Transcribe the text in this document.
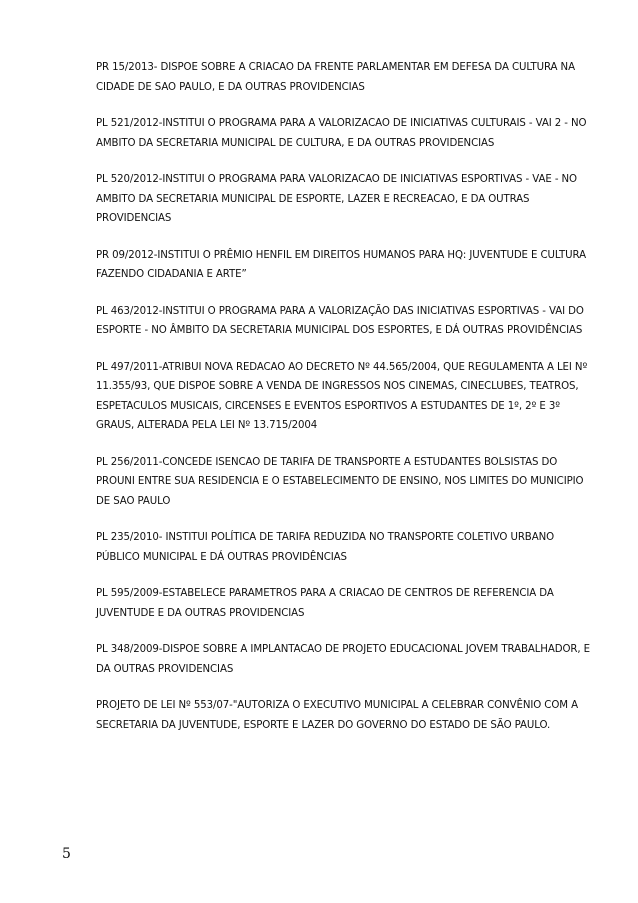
PR 15/2013- DISPOE SOBRE A CRIACAO DA FRENTE PARLAMENTAR EM DEFESA DA CULTURA NA CIDADE DE SAO PAULO, E DA OUTRAS PROVIDENCIAS

PL 521/2012-INSTITUI O PROGRAMA PARA A VALORIZACAO DE INICIATIVAS CULTURAIS - VAI 2 - NO AMBITO DA SECRETARIA MUNICIPAL DE CULTURA, E DA OUTRAS PROVIDENCIAS

PL 520/2012-INSTITUI O PROGRAMA PARA VALORIZACAO DE INICIATIVAS ESPORTIVAS - VAE - NO AMBITO DA SECRETARIA MUNICIPAL DE ESPORTE, LAZER E RECREACAO, E DA OUTRAS PROVIDENCIAS

PR 09/2012-INSTITUI O PRÊMIO HENFIL EM DIREITOS HUMANOS PARA HQ: JUVENTUDE E CULTURA FAZENDO CIDADANIA E ARTE”

PL 463/2012-INSTITUI O PROGRAMA PARA A VALORIZAÇÃO DAS INICIATIVAS ESPORTIVAS - VAI DO ESPORTE - NO ÂMBITO DA SECRETARIA MUNICIPAL DOS ESPORTES, E DÁ OUTRAS PROVIDÊNCIAS

PL 497/2011-ATRIBUI NOVA REDACAO AO DECRETO Nº 44.565/2004, QUE REGULAMENTA A LEI Nº 11.355/93, QUE DISPOE SOBRE A VENDA DE INGRESSOS NOS CINEMAS, CINECLUBES, TEATROS, ESPETACULOS MUSICAIS, CIRCENSES E EVENTOS ESPORTIVOS A ESTUDANTES DE 1º, 2º E 3º GRAUS, ALTERADA PELA LEI Nº 13.715/2004

PL 256/2011-CONCEDE ISENCAO DE TARIFA DE TRANSPORTE A ESTUDANTES BOLSISTAS DO PROUNI ENTRE SUA RESIDENCIA E O ESTABELECIMENTO DE ENSINO, NOS LIMITES DO MUNICIPIO DE SAO PAULO

PL 235/2010- INSTITUI POLÍTICA DE TARIFA REDUZIDA NO TRANSPORTE COLETIVO URBANO PÚBLICO MUNICIPAL E DÁ OUTRAS PROVIDÊNCIAS

PL 595/2009-ESTABELECE PARAMETROS PARA A CRIACAO DE CENTROS DE REFERENCIA DA JUVENTUDE E DA OUTRAS PROVIDENCIAS

PL 348/2009-DISPOE SOBRE A IMPLANTACAO DE PROJETO EDUCACIONAL JOVEM TRABALHADOR, E DA OUTRAS PROVIDENCIAS

PROJETO DE LEI Nº 553/07-"AUTORIZA O EXECUTIVO MUNICIPAL A CELEBRAR CONVÊNIO COM A SECRETARIA DA JUVENTUDE, ESPORTE E LAZER DO GOVERNO DO ESTADO DE SÃO PAULO.

5
